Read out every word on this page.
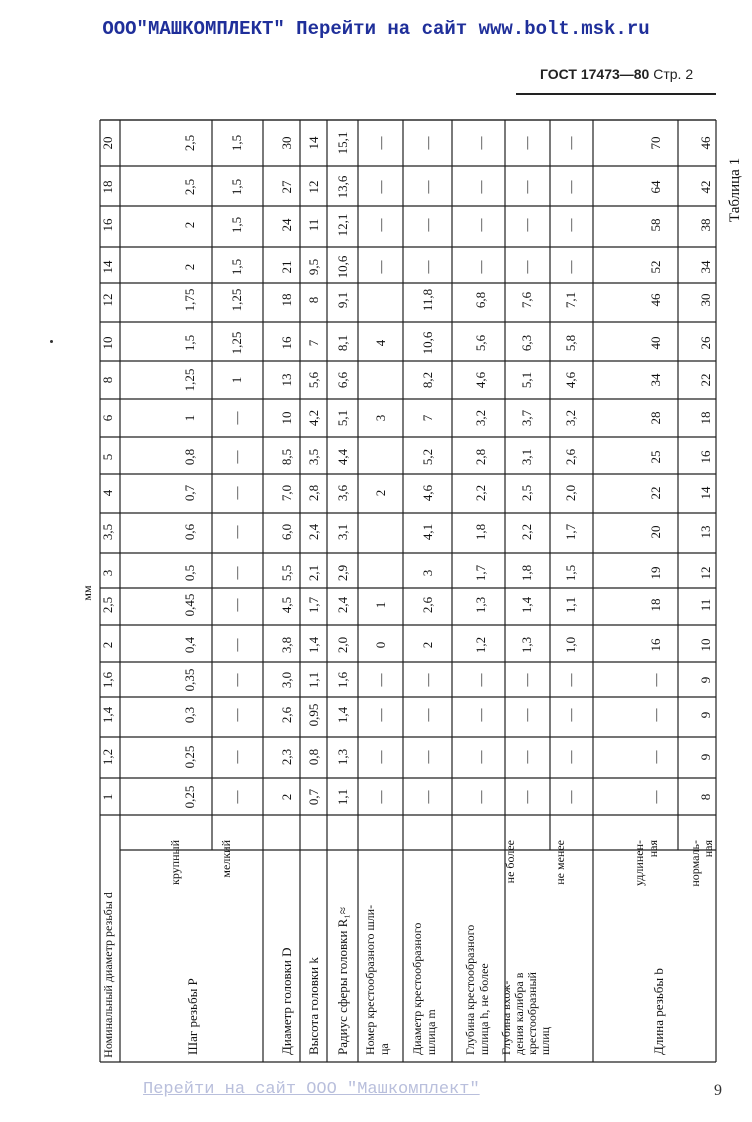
ООО"МАШКОМПЛЕКТ" Перейти на сайт www.bolt.msk.ru
ГОСТ 17473—80 Стр. 2
Таблица 1
мм
Номинальный диаметр резьбы d
1
1,2
1,4
1,6
2
2,5
3
3,5
4
5
6
8
10
12
14
16
18
20
Шаг резьбы P
крупный
0,25
0,25
0,3
0,35
0,4
0,45
0,5
0,6
0,7
0,8
1
1,25
1,5
1,75
2
2
2,5
2,5
мелкий
—
—
—
—
—
—
—
—
—
—
—
1
1,25
1,25
1,5
1,5
1,5
1,5
Диаметр головки D
2
2,3
2,6
3,0
3,8
4,5
5,5
6,0
7,0
8,5
10
13
16
18
21
24
27
30
Высота головки k
0,7
0,8
0,95
1,1
1,4
1,7
2,1
2,4
2,8
3,5
4,2
5,6
7
8
9,5
11
12
14
Радиус сферы головки R₁≈
1,1
1,3
1,4
1,6
2,0
2,4
2,9
3,1
3,6
4,4
5,1
6,6
8,1
9,1
10,6
12,1
13,6
15,1
Номер крестообразного шли- ца
—
—
—
—
0
1
2
3
4
—
—
—
—
Диаметр крестообразного шлица m
—
—
—
—
2
2,6
3
4,1
4,6
5,2
7
8,2
10,6
11,8
—
—
—
—
Глубина крестообразного шлица h, не более
—
—
—
—
1,2
1,3
1,7
1,8
2,2
2,8
3,2
4,6
5,6
6,8
—
—
—
—
Глубина вхож- дения калибра в крестообразный шлиц
не более
—
—
—
—
1,3
1,4
1,8
2,2
2,5
3,1
3,7
5,1
6,3
7,6
—
—
—
—
не менее
—
—
—
—
1,0
1,1
1,5
1,7
2,0
2,6
3,2
4,6
5,8
7,1
—
—
—
—
Длина резьбы b
удлинен- ная
—
—
—
—
16
18
19
20
22
25
28
34
40
46
52
58
64
70
нормаль- ная
8
9
9
9
10
11
12
13
14
16
18
22
26
30
34
38
42
46
Перейти на сайт ООО "Машкомплект"	9
